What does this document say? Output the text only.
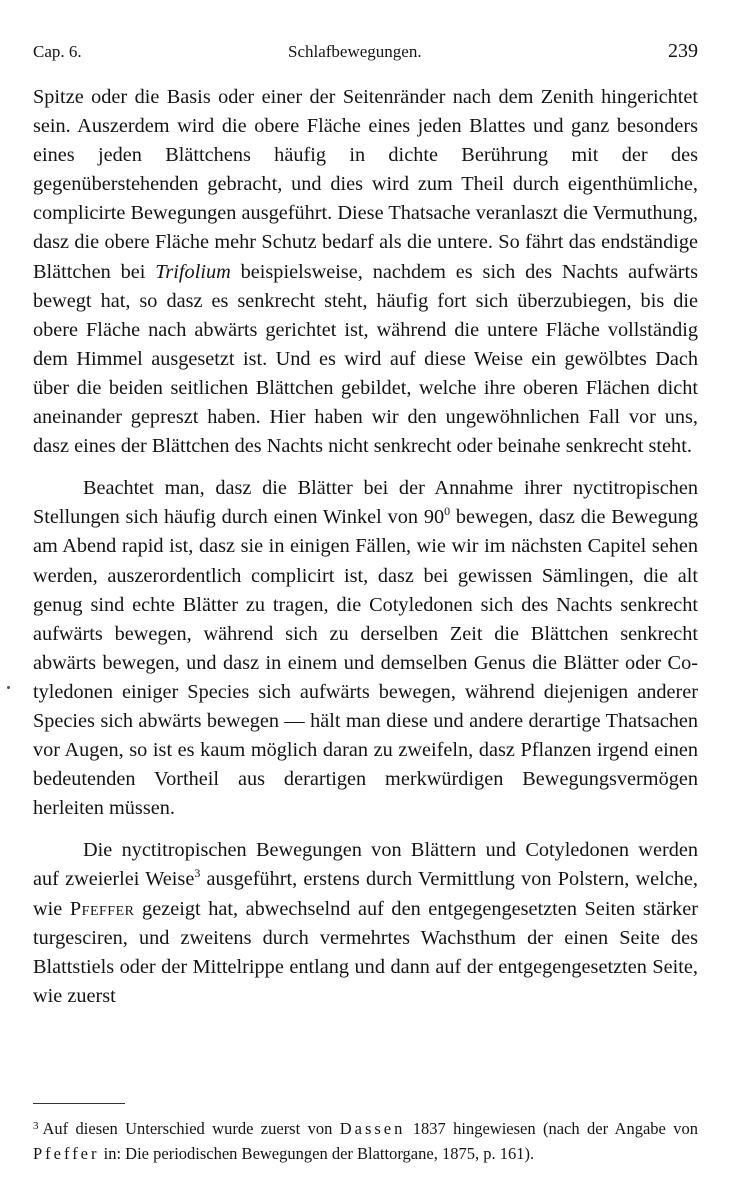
Cap. 6.	Schlafbewegungen.	239

Spitze oder die Basis oder einer der Seitenränder nach dem Zenith hingerichtet sein. Auszerdem wird die obere Fläche eines jeden Blattes und ganz besonders eines jeden Blättchens häufig in dichte Berührung mit der des gegenüberstehenden gebracht, und dies wird zum Theil durch eigenthümliche, complicirte Bewegungen ausgeführt. Diese Thatsache veranlaszt die Vermuthung, dasz die obere Fläche mehr Schutz bedarf als die untere. So fährt das endständige Blättchen bei Trifolium beispielsweise, nachdem es sich des Nachts aufwärts bewegt hat, so dasz es senkrecht steht, häufig fort sich überzubiegen, bis die obere Fläche nach abwärts gerichtet ist, während die untere Fläche vollständig dem Himmel ausgesetzt ist. Und es wird auf diese Weise ein gewölbtes Dach über die beiden seitlichen Blättchen gebildet, welche ihre oberen Flächen dicht aneinander gepreszt haben. Hier haben wir den ungewöhnlichen Fall vor uns, dasz eines der Blättchen des Nachts nicht senkrecht oder beinahe senkrecht steht.

Beachtet man, dasz die Blätter bei der Annahme ihrer nyctitropischen Stellungen sich häufig durch einen Winkel von 90$^0$ bewegen, dasz die Bewegung am Abend rapid ist, dasz sie in einigen Fällen, wie wir im nächsten Capitel sehen werden, auszerordentlich complicirt ist, dasz bei gewissen Sämlingen, die alt genug sind echte Blätter zu tragen, die Cotyledonen sich des Nachts senkrecht aufwärts bewegen, während sich zu derselben Zeit die Blättchen senkrecht abwärts bewegen, und dasz in einem und demselben Genus die Blätter oder Cotyledonen einiger Species sich aufwärts bewegen, während diejenigen anderer Species sich abwärts bewegen — hält man diese und andere derartige Thatsachen vor Augen, so ist es kaum möglich daran zu zweifeln, dasz Pflanzen irgend einen bedeutenden Vortheil aus derartigen merkwürdigen Bewegungsvermögen herleiten müssen.

Die nyctitropischen Bewegungen von Blättern und Cotyledonen werden auf zweierlei Weise$^3$ ausgeführt, erstens durch Vermittlung von Polstern, welche, wie Pfeffer gezeigt hat, abwechselnd auf den entgegengesetzten Seiten stärker turgesciren, und zweitens durch vermehrtes Wachsthum der einen Seite des Blattstiels oder der Mittelrippe entlang und dann auf der entgegengesetzten Seite, wie zuerst

$^3$ Auf diesen Unterschied wurde zuerst von Dassen 1837 hingewiesen (nach der Angabe von Pfeffer in: Die periodischen Bewegungen der Blattorgane, 1875, p. 161).
